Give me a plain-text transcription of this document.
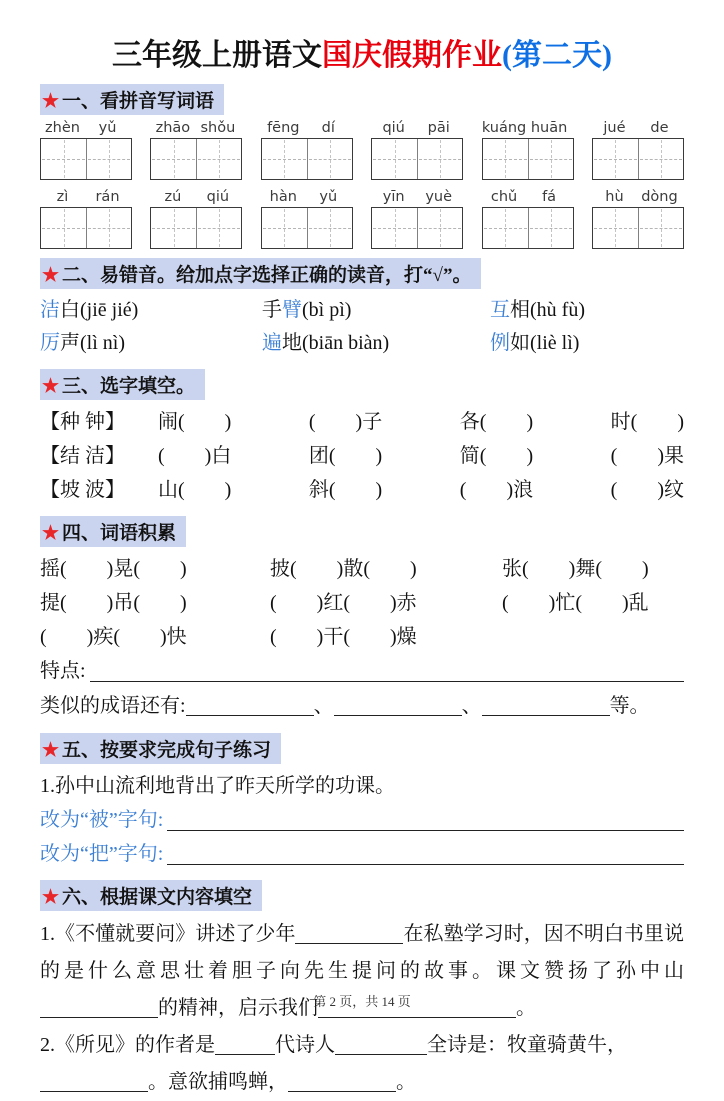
三年级上册语文国庆假期作业(第二天)
★ 一、看拼音写词语
zhèn	yǔ	zhāo shǒu	fēng	dí	qiú	pāi	kuáng huān	jué	de
zì	rán	zú	qiú	hàn	yǔ	yīn	yuè	chǔ	fá	hù	dòng
★ 二、易错音。给加点字选择正确的读音，打“√”。
洁白(jiē jié)	手臂(bì pì)	互相(hù fù)
厉声(lì nì)	遍地(biān biàn)	例如(liè lì)
★ 三、选字填空。
【种 钟】	闹(　　)	(　　)子	各(　　)	时(　　)
【结 洁】	(　　)白	团(　　)	简(　　)	(　　)果
【坡 波】	山(　　)	斜(　　)	(　　)浪	(　　)纹
★ 四、词语积累
摇(　　)晃(　　)	披(　　)散(　　)	张(　　)舞(　　)
提(　　)吊(　　)	(　　)红(　　)赤	(　　)忙(　　)乱
(　　)疾(　　)快	(　　)干(　　)燥
特点:
类似的成语还有:	、	、	等。
★ 五、按要求完成句子练习
1.孙中山流利地背出了昨天所学的功课。
改为“被”字句:
改为“把”字句:
★ 六、根据课文内容填空
1.《不懂就要问》讲述了少年	在私塾学习时，因不明白书里说的是什么意思壮着胆子向先生提问的故事。课文赞扬了孙中山的精神，启示我们	。
2.《所见》的作者是	代诗人	全诗是：牧童骑黄牛，
。意欲捕鸣蝉，	。
第 2 页，共 14 页
